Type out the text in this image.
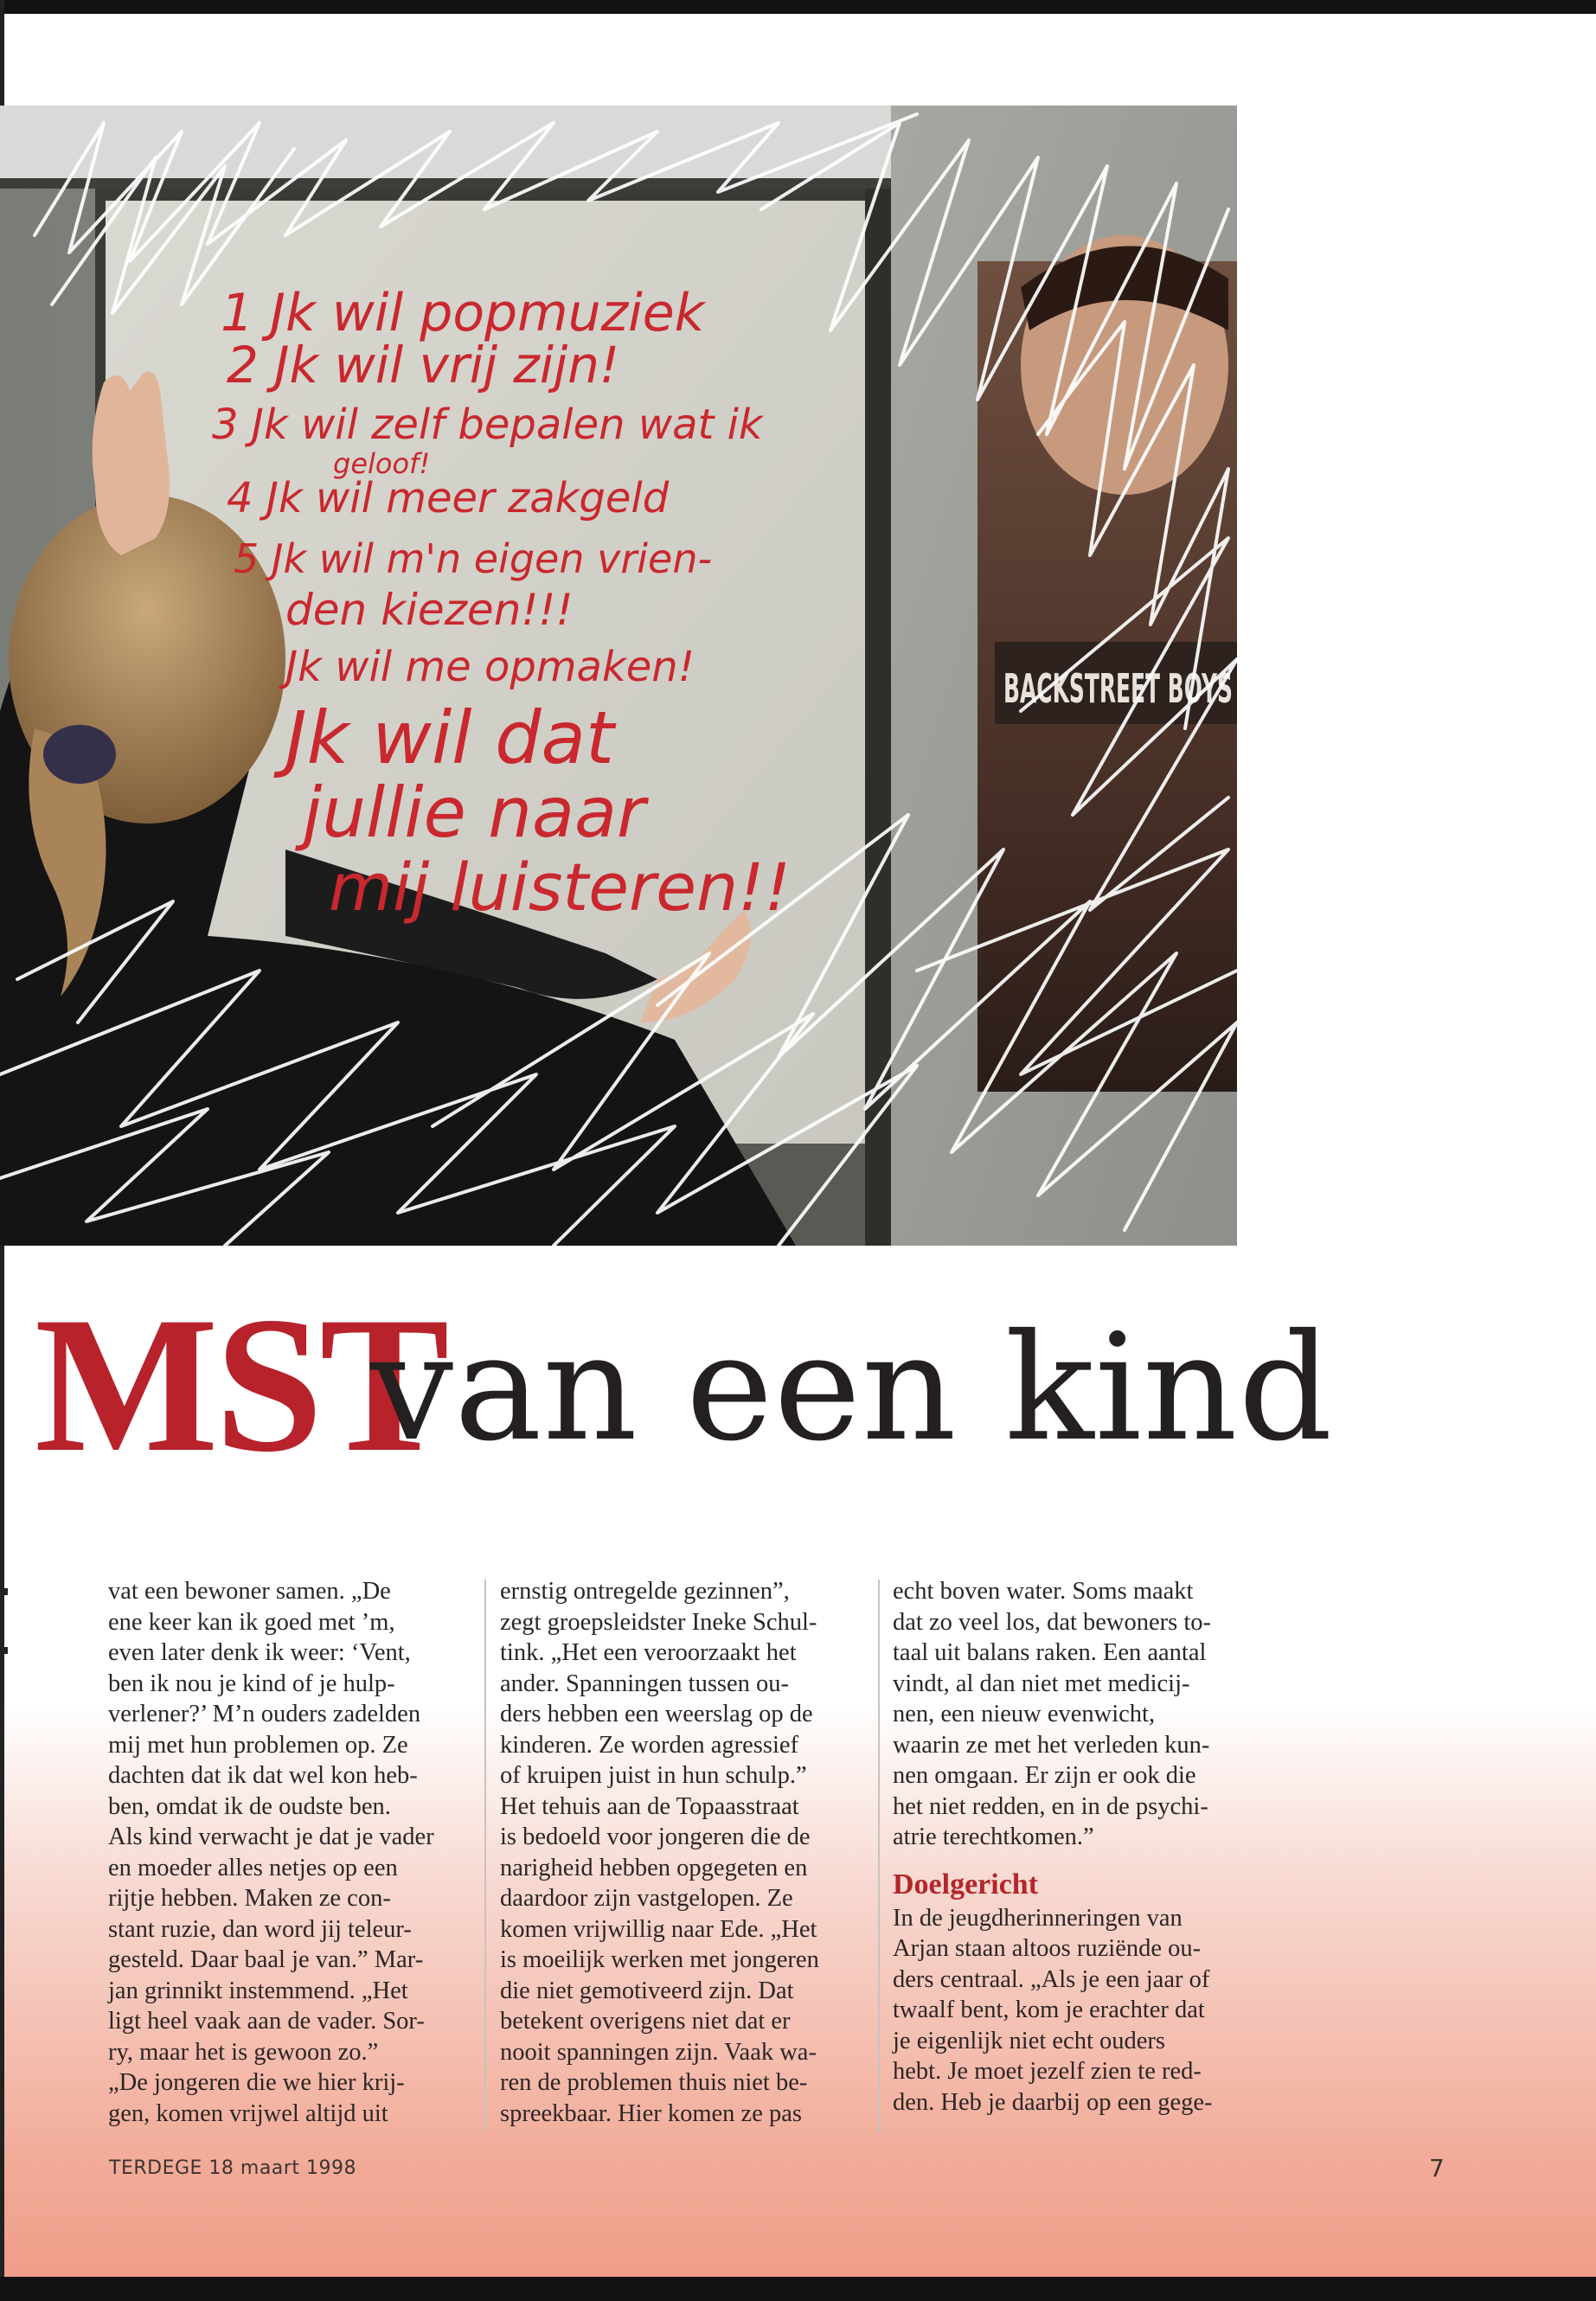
BACKSTREET BOYS
1 Jk wil popmuziek
2 Jk wil vrij zijn!
3 Jk wil zelf bepalen wat ik
geloof!
4 Jk wil meer zakgeld
5 Jk wil m'n eigen vrien-
den kiezen!!!
Jk wil me opmaken!
Jk wil dat
jullie naar
mij luisteren!!
MST
van een kind

vat een bewoner samen. „De
ene keer kan ik goed met ’m,
even later denk ik weer: ‘Vent,
ben ik nou je kind of je hulp-
verlener?’ M’n ouders zadelden
mij met hun problemen op. Ze
dachten dat ik dat wel kon heb-
ben, omdat ik de oudste ben.
Als kind verwacht je dat je vader
en moeder alles netjes op een
rijtje hebben. Maken ze con-
stant ruzie, dan word jij teleur-
gesteld. Daar baal je van.” Mar-
jan grinnikt instemmend. „Het
ligt heel vaak aan de vader. Sor-
ry, maar het is gewoon zo.”
„De jongeren die we hier krij-
gen, komen vrijwel altijd uit

ernstig ontregelde gezinnen”,
zegt groepsleidster Ineke Schul-
tink. „Het een veroorzaakt het
ander. Spanningen tussen ou-
ders hebben een weerslag op de
kinderen. Ze worden agressief
of kruipen juist in hun schulp.”
Het tehuis aan de Topaasstraat
is bedoeld voor jongeren die de
narigheid hebben opgegeten en
daardoor zijn vastgelopen. Ze
komen vrijwillig naar Ede. „Het
is moeilijk werken met jongeren
die niet gemotiveerd zijn. Dat
betekent overigens niet dat er
nooit spanningen zijn. Vaak wa-
ren de problemen thuis niet be-
spreekbaar. Hier komen ze pas

echt boven water. Soms maakt
dat zo veel los, dat bewoners to-
taal uit balans raken. Een aantal
vindt, al dan niet met medicij-
nen, een nieuw evenwicht,
waarin ze met het verleden kun-
nen omgaan. Er zijn er ook die
het niet redden, en in de psychi-
atrie terechtkomen.”

Doelgericht

In de jeugdherinneringen van
Arjan staan altoos ruziënde ou-
ders centraal. „Als je een jaar of
twaalf bent, kom je erachter dat
je eigenlijk niet echt ouders
hebt. Je moet jezelf zien te red-
den. Heb je daarbij op een gege-

TERDEGE 18 maart 1998	7
